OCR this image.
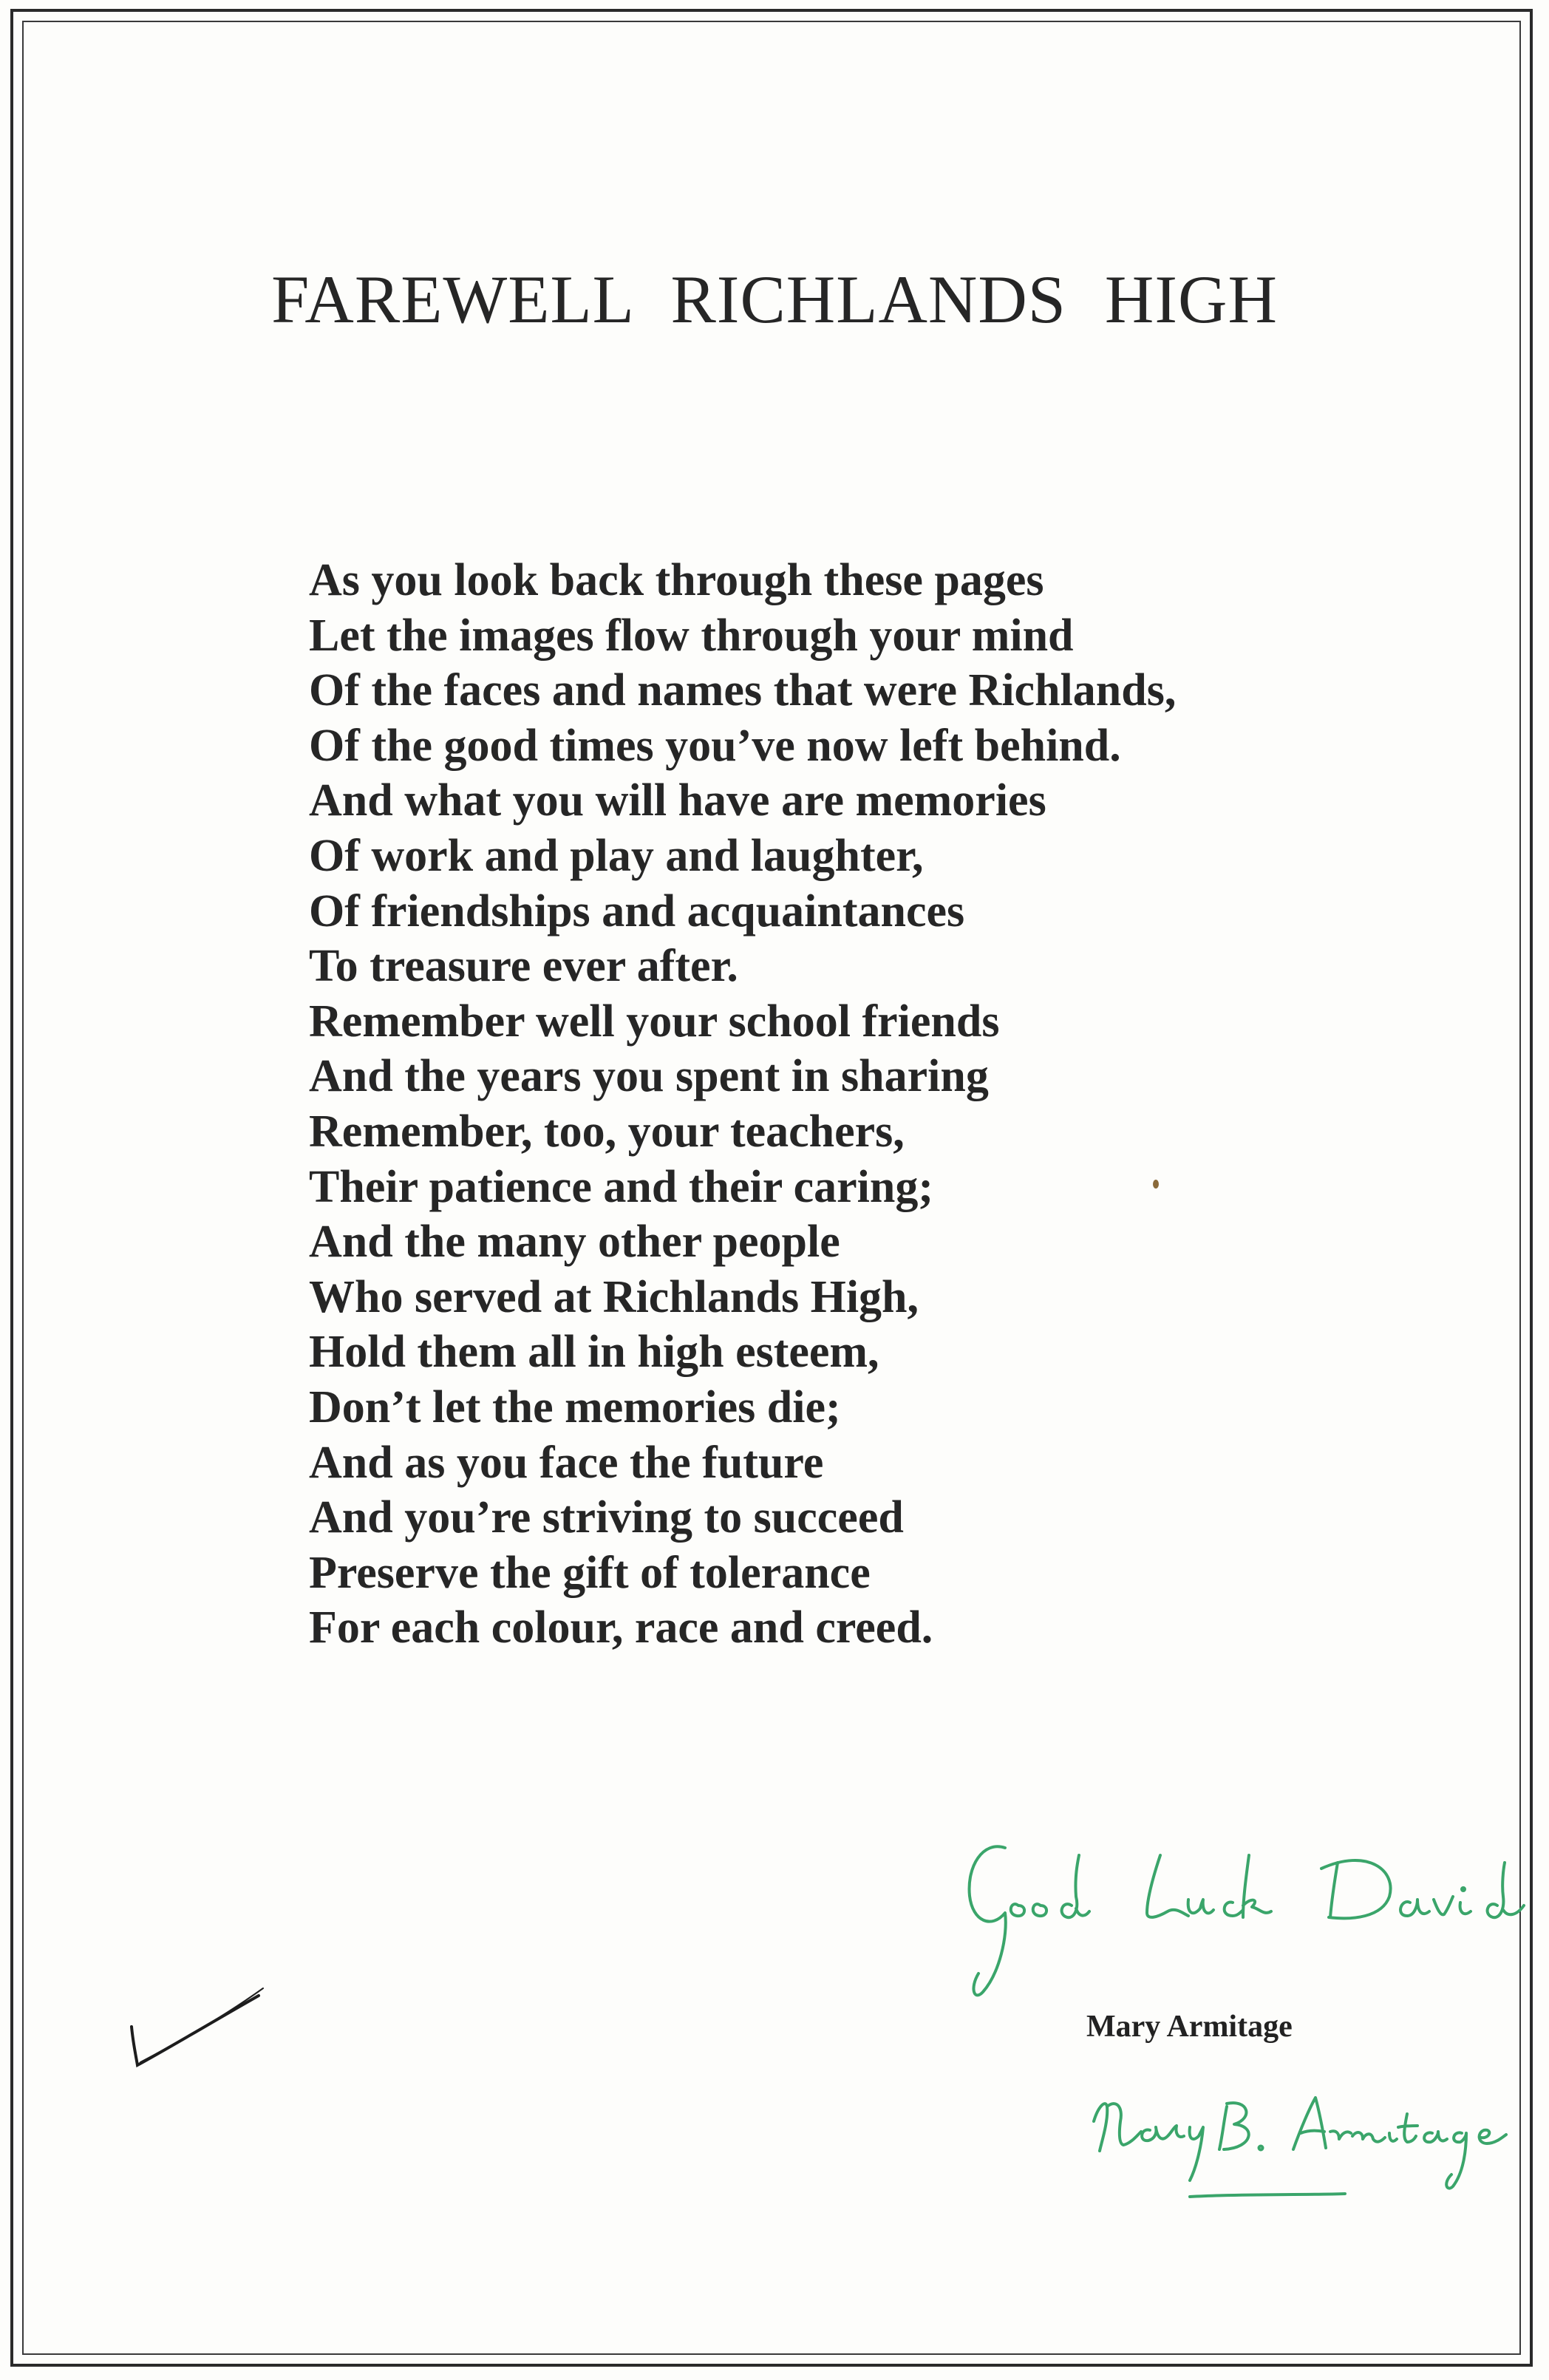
FAREWELL RICHLANDS HIGH
As you look back through these pages
Let the images flow through your mind
Of the faces and names that were Richlands,
Of the good times you’ve now left behind.
And what you will have are memories
Of work and play and laughter,
Of friendships and acquaintances
To treasure ever after.
Remember well your school friends
And the years you spent in sharing
Remember, too, your teachers,
Their patience and their caring;
And the many other people
Who served at Richlands High,
Hold them all in high esteem,
Don’t let the memories die;
And as you face the future
And you’re striving to succeed
Preserve the gift of tolerance
For each colour, race and creed.
Mary Armitage
